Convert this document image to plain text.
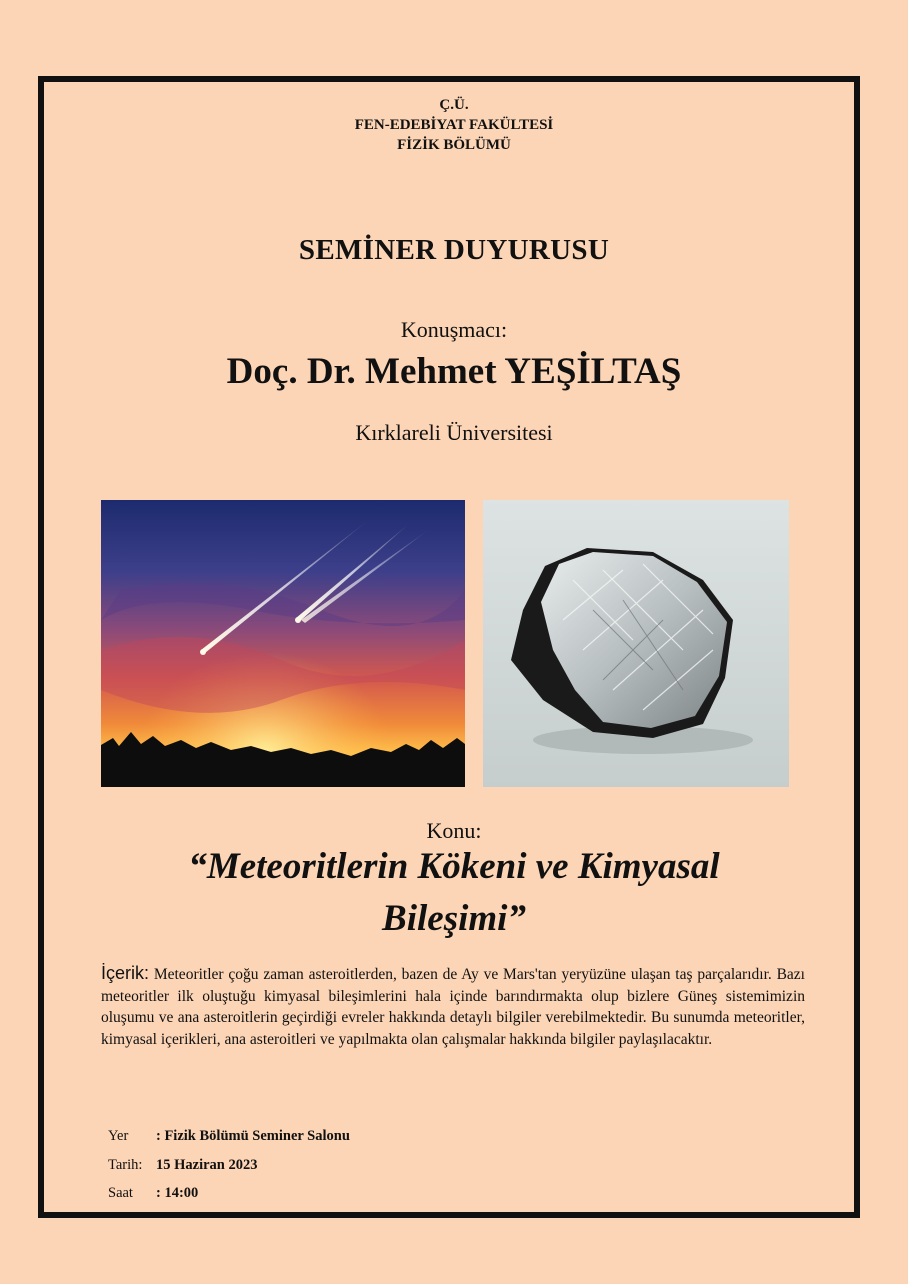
Ç.Ü.
FEN-EDEBİYAT FAKÜLTESİ
FİZİK BÖLÜMÜ
SEMİNER DUYURUSU
Konuşmacı:
Doç. Dr. Mehmet YEŞİLTAŞ
Kırklareli Üniversitesi
Konu:
“Meteoritlerin Kökeni ve Kimyasal
Bileşimi”
İçerik: Meteoritler çoğu zaman asteroitlerden, bazen de Ay ve Mars'tan yeryüzüne ulaşan taş parçalarıdır. Bazı meteoritler ilk oluştuğu kimyasal bileşimlerini hala içinde barındırmakta olup bizlere Güneş sistemimizin oluşumu ve ana asteroitlerin geçirdiği evreler hakkında detaylı bilgiler verebilmektedir. Bu sunumda meteoritler, kimyasal içerikleri, ana asteroitleri ve yapılmakta olan çalışmalar hakkında bilgiler paylaşılacaktır.
Yer : Fizik Bölümü Seminer Salonu
Tarih: 15 Haziran 2023
Saat : 14:00
